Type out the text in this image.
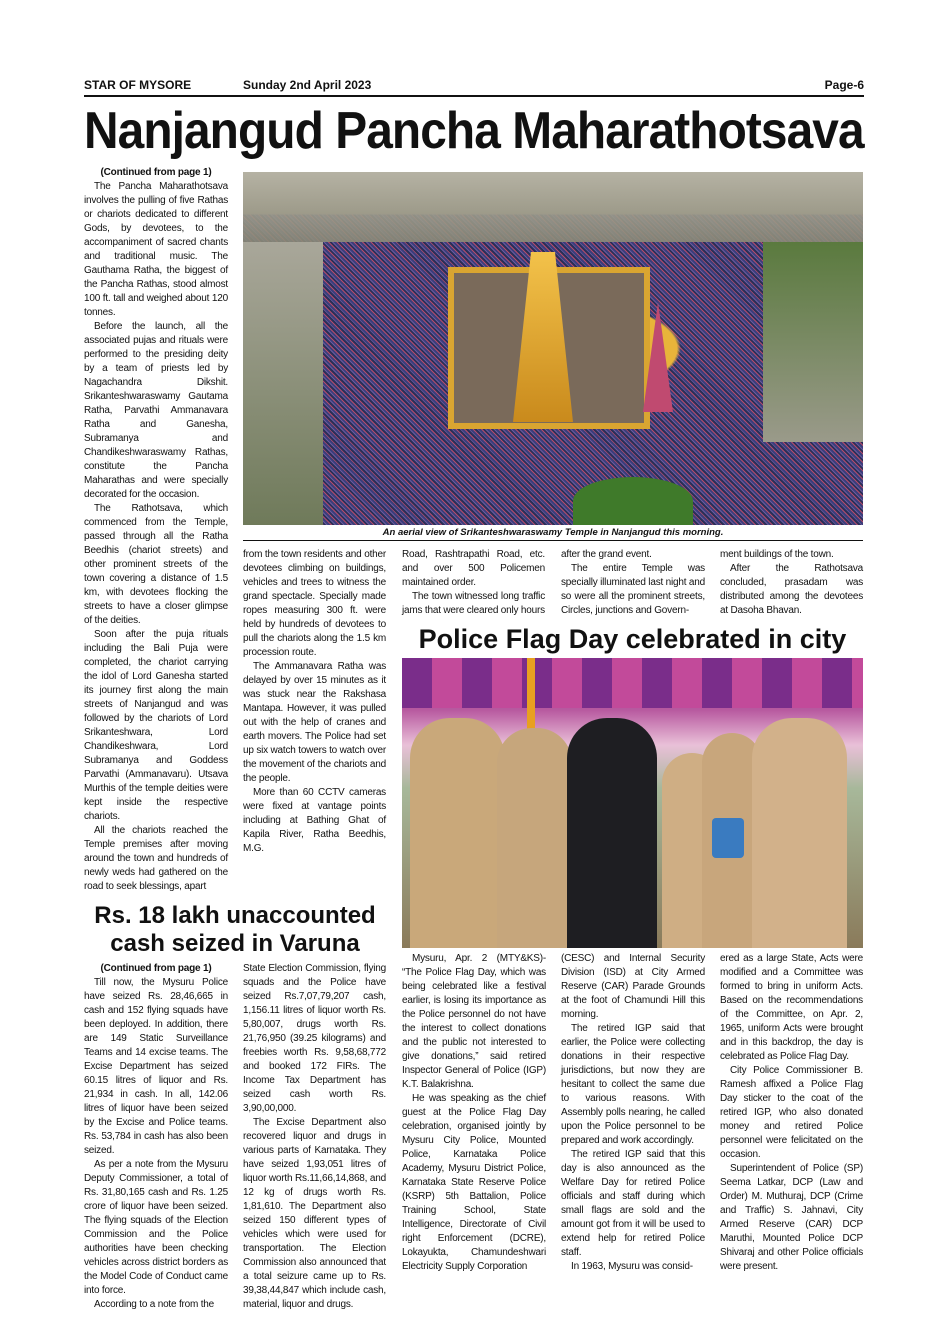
STAR OF MYSORE	Sunday 2nd April 2023	Page-6
Nanjangud Pancha Maharathotsava

(Continued from page 1)

The Pancha Maharathotsava involves the pulling of five Rathas or chariots dedicated to different Gods, by devotees, to the accompaniment of sacred chants and traditional music. The Gauthama Ratha, the biggest of the Pancha Rathas, stood almost 100 ft. tall and weighed about 120 tonnes.

Before the launch, all the associated pujas and rituals were performed to the presiding deity by a team of priests led by Nagachandra Dikshit. Srikanteshwaraswamy Gautama Ratha, Parvathi Ammanavara Ratha and Ganesha, Subramanya and Chandikeshwaraswamy Rathas, constitute the Pancha Maharathas and were specially decorated for the occasion.

The Rathotsava, which commenced from the Temple, passed through all the Ratha Beedhis (chariot streets) and other prominent streets of the town covering a distance of 1.5 km, with devotees flocking the streets to have a closer glimpse of the deities.

Soon after the puja rituals including the Bali Puja were completed, the chariot carrying the idol of Lord Ganesha started its journey first along the main streets of Nanjangud and was followed by the chariots of Lord Srikanteshwara, Lord Chandikeshwara, Lord Subramanya and Goddess Parvathi (Ammanavaru). Utsava Murthis of the temple deities were kept inside the respective chariots.

All the chariots reached the Temple premises after moving around the town and hundreds of newly weds had gathered on the road to seek blessings, apart

An aerial view of Srikanteshwaraswamy Temple in Nanjangud this morning.

from the town residents and other devotees climbing on buildings, vehicles and trees to witness the grand spectacle. Specially made ropes measuring 300 ft. were held by hundreds of devotees to pull the chariots along the 1.5 km procession route.

The Ammanavara Ratha was delayed by over 15 minutes as it was stuck near the Rakshasa Mantapa. However, it was pulled out with the help of cranes and earth movers. The Police had set up six watch towers to watch over the movement of the chariots and the people.

More than 60 CCTV cameras were fixed at vantage points including at Bathing Ghat of Kapila River, Ratha Beedhis, M.G.

Road, Rashtrapathi Road, etc. and over 500 Policemen maintained order.

The town witnessed long traffic jams that were cleared only hours

after the grand event.

The entire Temple was specially illuminated last night and so were all the prominent streets, Circles, junctions and Govern-

ment buildings of the town.

After the Rathotsava concluded, prasadam was distributed among the devotees at Dasoha Bhavan.

Police Flag Day celebrated in city

Mysuru, Apr. 2 (MTY&KS)- “The Police Flag Day, which was being celebrated like a festival earlier, is losing its importance as the Police personnel do not have the interest to collect donations and the public not interested to give donations,” said retired Inspector General of Police (IGP) K.T. Balakrishna.

He was speaking as the chief guest at the Police Flag Day celebration, organised jointly by Mysuru City Police, Mounted Police, Karnataka Police Academy, Mysuru District Police, Karnataka State Reserve Police (KSRP) 5th Battalion, Police Training School, State Intelligence, Directorate of Civil right Enforcement (DCRE), Lokayukta, Chamundeshwari Electricity Supply Corporation

(CESC) and Internal Security Division (ISD) at City Armed Reserve (CAR) Parade Grounds at the foot of Chamundi Hill this morning.

The retired IGP said that earlier, the Police were collecting donations in their respective jurisdictions, but now they are hesitant to collect the same due to various reasons. With Assembly polls nearing, he called upon the Police personnel to be prepared and work accordingly.

The retired IGP said that this day is also announced as the Welfare Day for retired Police officials and staff during which small flags are sold and the amount got from it will be used to extend help for retired Police staff.

In 1963, Mysuru was consid-

ered as a large State, Acts were modified and a Committee was formed to bring in uniform Acts. Based on the recommendations of the Committee, on Apr. 2, 1965, uniform Acts were brought and in this backdrop, the day is celebrated as Police Flag Day.

City Police Commissioner B. Ramesh affixed a Police Flag Day sticker to the coat of the retired IGP, who also donated money and retired Police personnel were felicitated on the occasion.

Superintendent of Police (SP) Seema Latkar, DCP (Law and Order) M. Muthuraj, DCP (Crime and Traffic) S. Jahnavi, City Armed Reserve (CAR) DCP Maruthi, Mounted Police DCP Shivaraj and other Police officials were present.

Rs. 18 lakh unaccounted
cash seized in Varuna

(Continued from page 1)

Till now, the Mysuru Police have seized Rs. 28,46,665 in cash and 152 flying squads have been deployed. In addition, there are 149 Static Surveillance Teams and 14 excise teams. The Excise Department has seized 60.15 litres of liquor and Rs. 21,934 in cash. In all, 142.06 litres of liquor have been seized by the Excise and Police teams. Rs. 53,784 in cash has also been seized.

As per a note from the Mysuru Deputy Commissioner, a total of Rs. 31,80,165 cash and Rs. 1.25 crore of liquor have been seized. The flying squads of the Election Commission and the Police authorities have been checking vehicles across district borders as the Model Code of Conduct came into force.

According to a note from the

State Election Commission, flying squads and the Police have seized Rs.7,07,79,207 cash, 1,156.11 litres of liquor worth Rs. 5,80,007, drugs worth Rs. 21,76,950 (39.25 kilograms) and freebies worth Rs. 9,58,68,772 and booked 172 FIRs. The Income Tax Department has seized cash worth Rs. 3,90,00,000.

The Excise Department also recovered liquor and drugs in various parts of Karnataka. They have seized 1,93,051 litres of liquor worth Rs.11,66,14,868, and 12 kg of drugs worth Rs. 1,81,610. The Department also seized 150 different types of vehicles which were used for transportation. The Election Commission also announced that a total seizure came up to Rs. 39,38,44,847 which include cash, material, liquor and drugs.
